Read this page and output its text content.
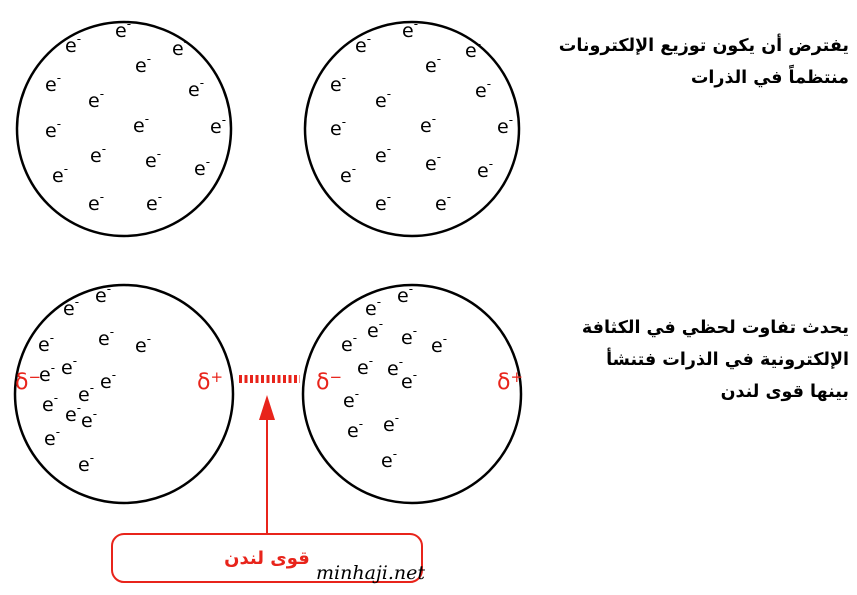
e- e-
e-
e-
e-
e-	e-
e-	e-	e-
e-
e-
e-	e-
e- e-
e- e-
e- e-
e-
e-	e-
e-	e-	e-
e-
e-
e-	e-
e- e-
e- e-
e-
e-
e-
e-
e-
e- e-
e-
e-
e-
e-
e-
e- e-
e-
e-
e-
e-
e- e-
e-
e-
e- e-
e-
δ−	δ+	δ−	δ+
يفترض أن يكون توزيع الإلكترونات
منتظماً في الذرات
يحدث تفاوت لحظي في الكثافة
الإلكترونية في الذرات فتنشأ
بينها قوى لندن
قوى لندن
minhaji.net
